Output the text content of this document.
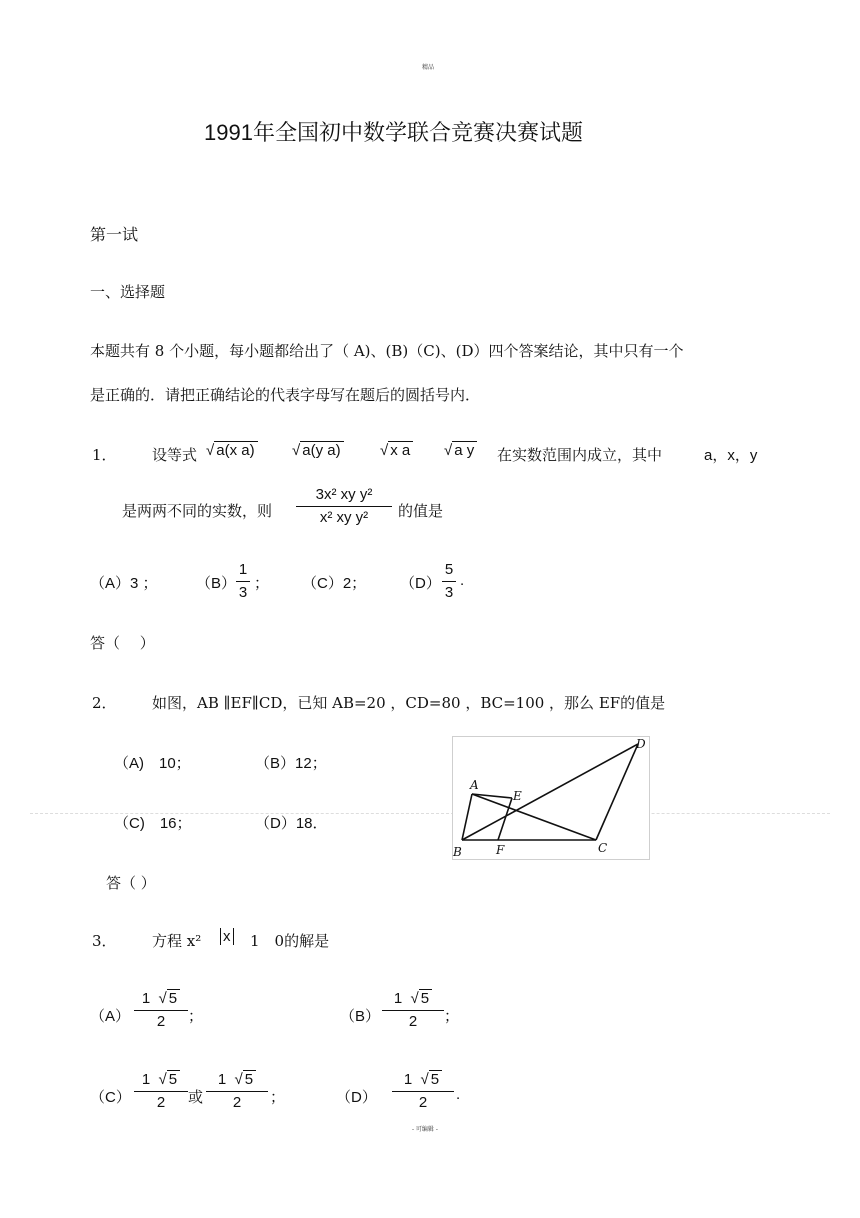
精品
- 可编辑 -
1991年全国初中数学联合竞赛决赛试题
第一试
一、选择题
本题共有 8 个小题，每小题都给出了（ A)、(B)（C)、(D）四个答案结论，其中只有一个
是正确的．请把正确结论的代表字母写在题后的圆括号内．
1． 设等式 √ a(x a) √ a(y a)	√ x a √ a y 在实数范围内成立，其中	a，x，y
是两两不同的实数，则
3x² xy y²
x² xy y²	的值是
（A）3 ；	（B）
1
3
； （C）2； （D）
5
3
.
答（　 ）
2． 如图，AB ∥EF∥CD，已知 AB=20 ，CD=80 ，BC=100 ，那么 EF的值是
（A)　10；	（B）12；
（C)　16；	（D）18．
A
B	C
D
E
F
答（ ）
3． 方程 x² x 1　0的解是
（A）
1  √ 5
2	；	（B）
1  √ 5
2	；
（C）
1  √ 5
2	或
1  √ 5
2	；	（D）
1  √ 5
2	.
